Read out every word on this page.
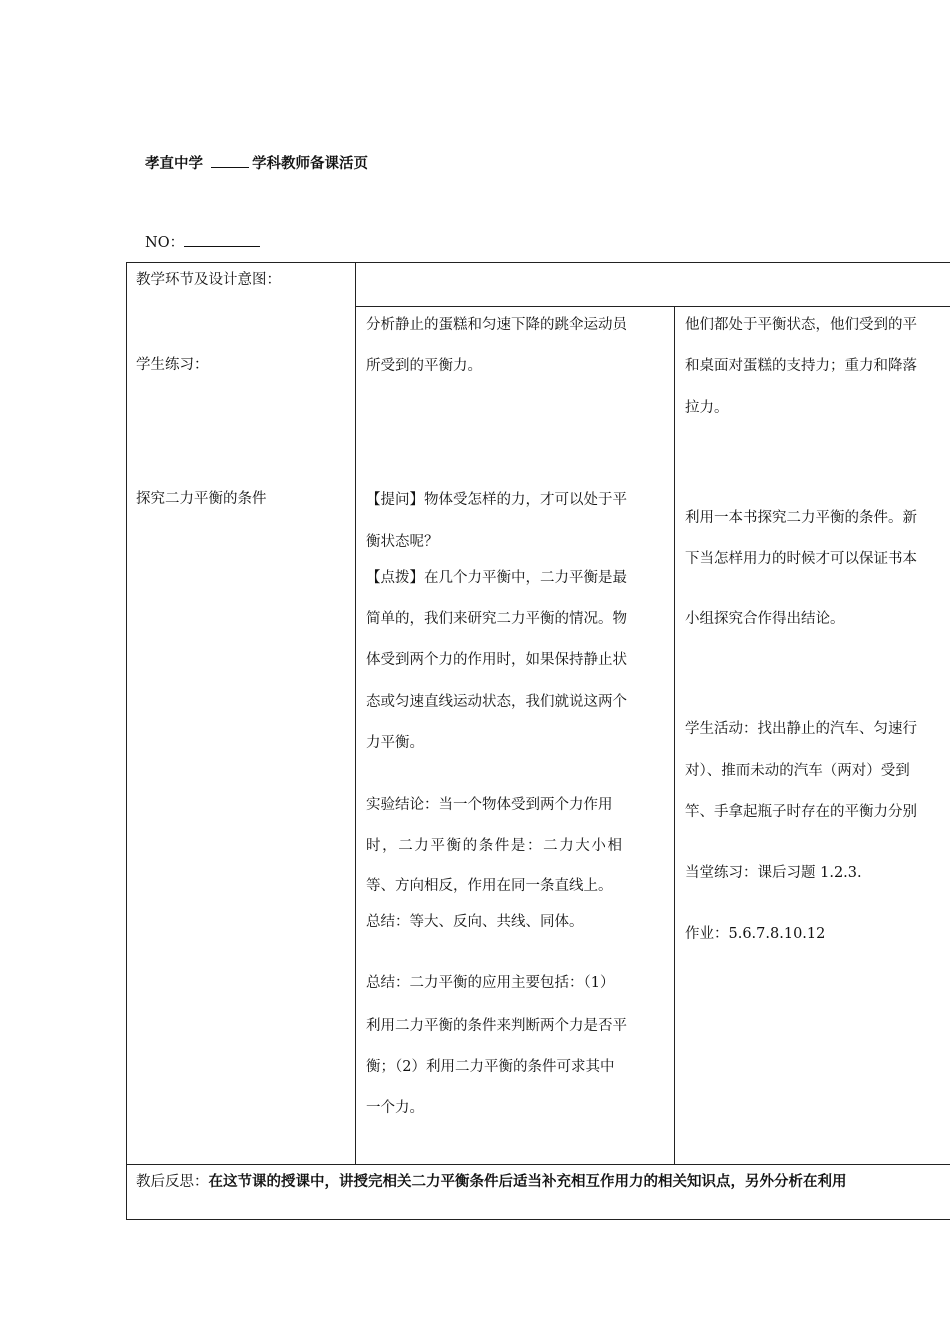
孝直中学	学科教师备课活页
NO：
教学环节及设计意图：
学生练习：
探究二力平衡的条件
分析静止的蛋糕和匀速下降的跳伞运动员
所受到的平衡力。
【提问】物体受怎样的力，才可以处于平
衡状态呢？
【点拨】在几个力平衡中，二力平衡是最
简单的，我们来研究二力平衡的情况。物
体受到两个力的作用时，如果保持静止状
态或匀速直线运动状态，我们就说这两个
力平衡。
实验结论：当一个物体受到两个力作用
时，二力平衡的条件是：二力大小相
等、方向相反，作用在同一条直线上。
总结：等大、反向、共线、同体。
总结：二力平衡的应用主要包括：（1）
利用二力平衡的条件来判断两个力是否平
衡；（2）利用二力平衡的条件可求其中
一个力。
他们都处于平衡状态，他们受到的平
和桌面对蛋糕的支持力；重力和降落
拉力。
利用一本书探究二力平衡的条件。新
下当怎样用力的时候才可以保证书本
小组探究合作得出结论。
学生活动：找出静止的汽车、匀速行
对）、推而未动的汽车（两对）受到
竿、手拿起瓶子时存在的平衡力分别
当堂练习：课后习题 1.2.3.
作业：5.6.7.8.10.12
教后反思：在这节课的授课中，讲授完相关二力平衡条件后适当补充相互作用力的相关知识点，另外分析在利用
